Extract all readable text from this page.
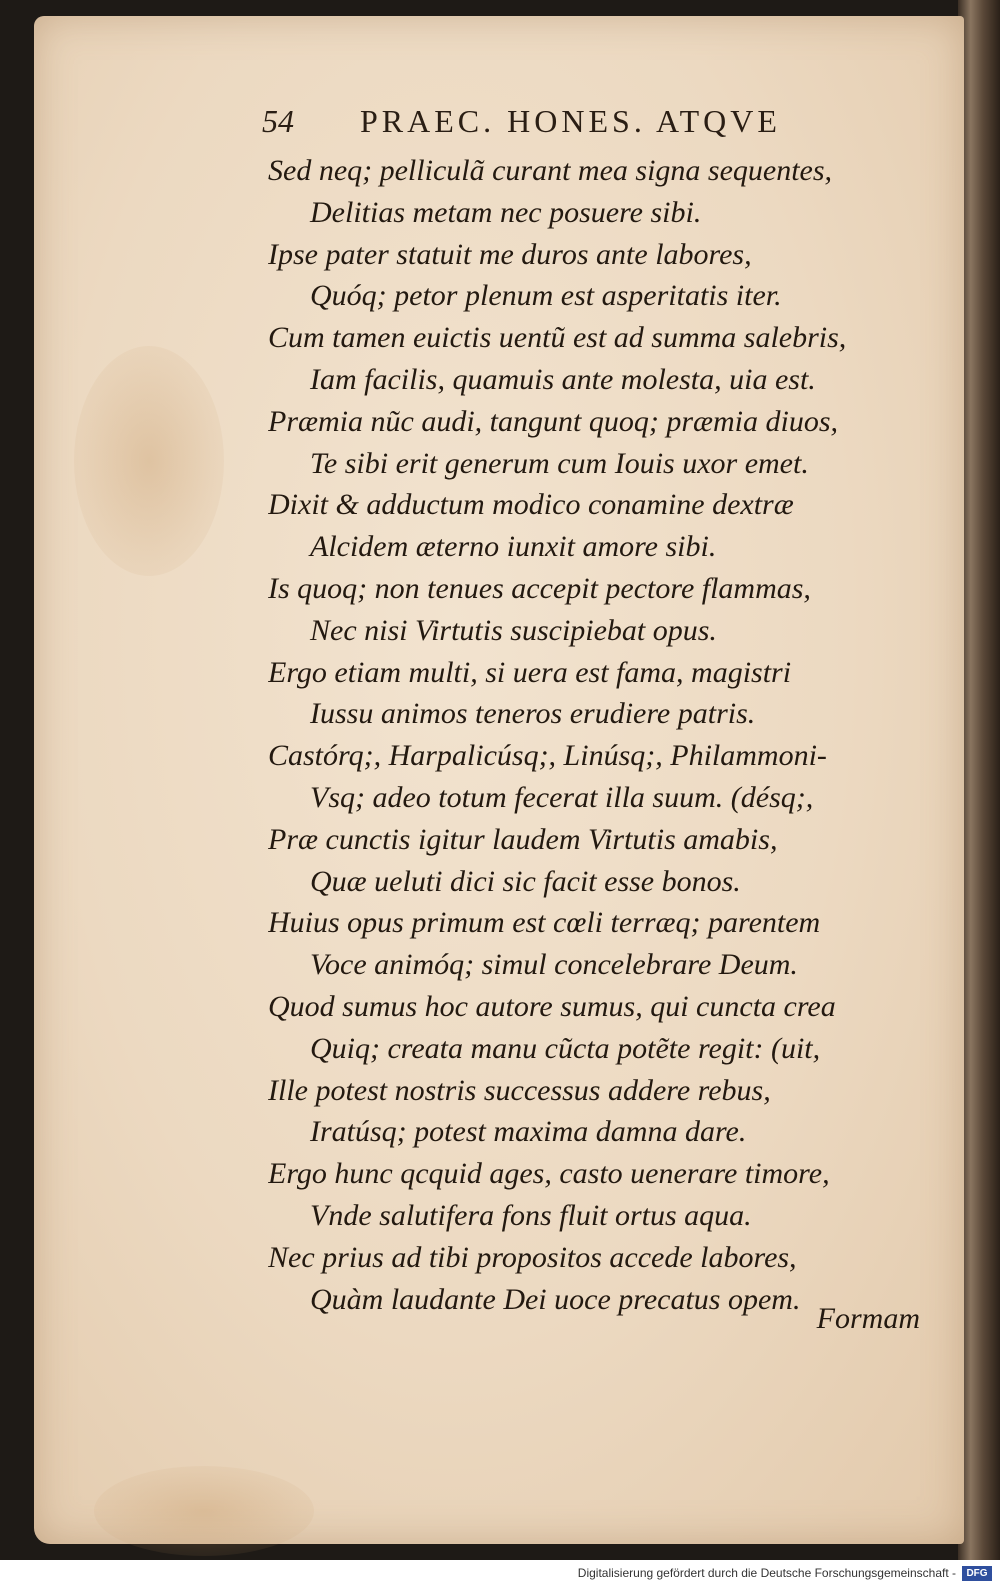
54 PRAEC. HONES. ATQVE
Sed neq; pelliculã curant mea signa sequentes,
Delitias metam nec posuere sibi.
Ipse pater statuit me duros ante labores,
Quóq; petor plenum est asperitatis iter.
Cum tamen euictis uentũ est ad summa salebris,
Iam facilis, quamuis ante molesta, uia est.
Præmia nũc audi, tangunt quoq; præmia diuos,
Te sibi erit generum cum Iouis uxor emet.
Dixit & adductum modico conamine dextræ
Alcidem æterno iunxit amore sibi.
Is quoq; non tenues accepit pectore flammas,
Nec nisi Virtutis suscipiebat opus.
Ergo etiam multi, si uera est fama, magistri
Iussu animos teneros erudiere patris.
Castórq;, Harpalicúsq;, Linúsq;, Philammoni-
Vsq; adeo totum fecerat illa suum. (désq;,
Præ cunctis igitur laudem Virtutis amabis,
Quæ ueluti dici sic facit esse bonos.
Huius opus primum est cœli terræq; parentem
Voce animóq; simul concelebrare Deum.
Quod sumus hoc autore sumus, qui cuncta crea
Quiq; creata manu cũcta potẽte regit: (uit,
Ille potest nostris successus addere rebus,
Iratúsq; potest maxima damna dare.
Ergo hunc qcquid ages, casto uenerare timore,
Vnde salutifera fons fluit ortus aqua.
Nec prius ad tibi propositos accede labores,
Quàm laudante Dei uoce precatus opem.
Formam
Digitalisierung gefördert durch die Deutsche Forschungsgemeinschaft -	DFG
